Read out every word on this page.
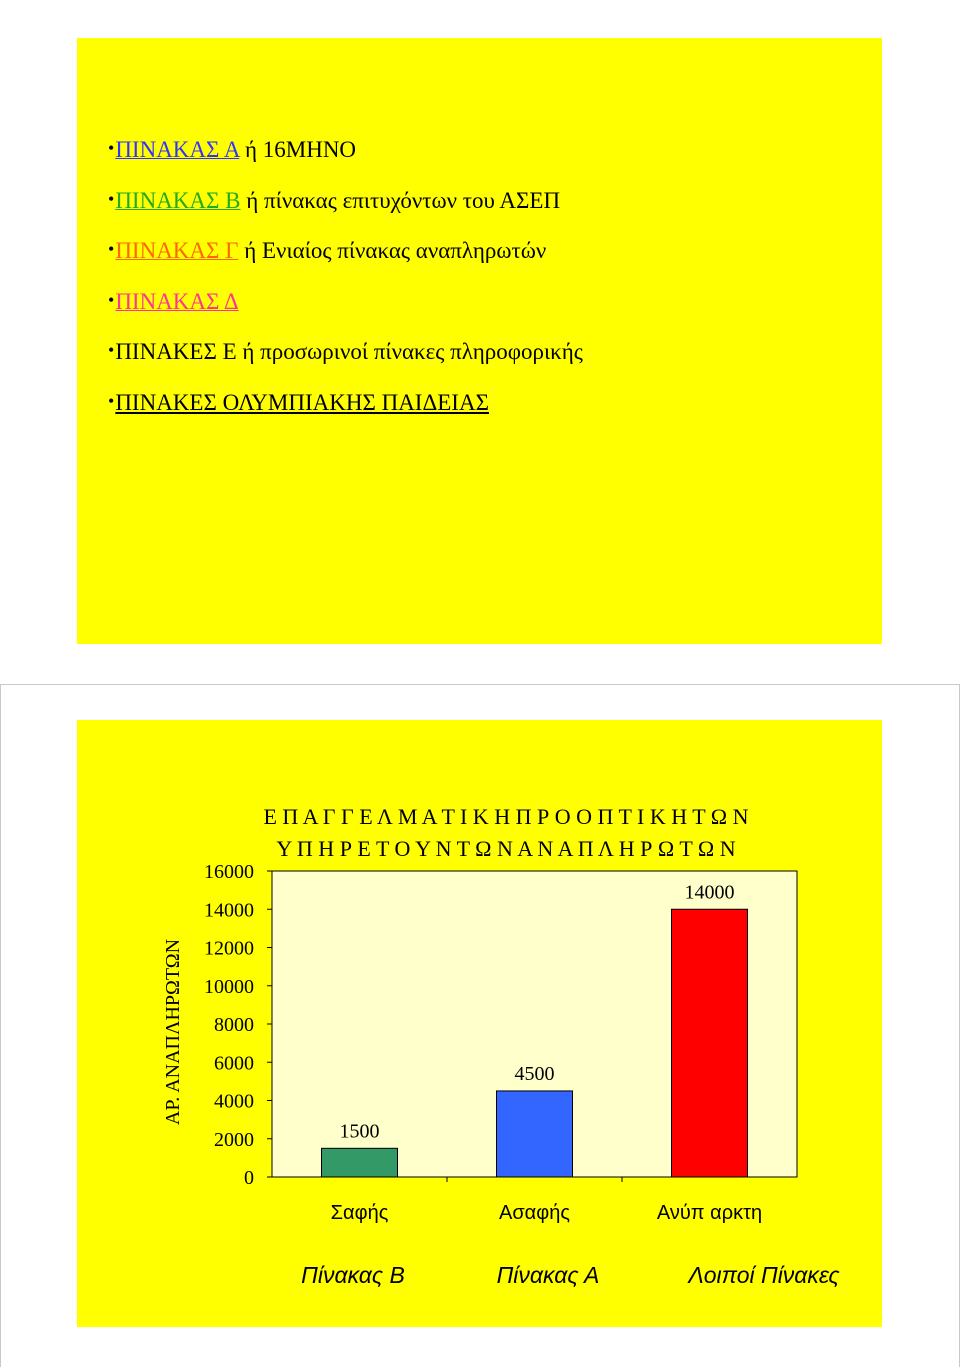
•ΠΙΝΑΚΑΣ Α ή 16ΜΗΝΟ
•ΠΙΝΑΚΑΣ Β ή πίνακας επιτυχόντων του ΑΣΕΠ
•ΠΙΝΑΚΑΣ Γ ή Ενιαίος πίνακας αναπληρωτών
•ΠΙΝΑΚΑΣ Δ
•ΠΙΝΑΚΕΣ Ε ή προσωρινοί πίνακες πληροφορικής
•ΠΙΝΑΚΕΣ ΟΛΥΜΠΙΑΚΗΣ ΠΑΙΔΕΙΑΣ
Ε Π Α Γ Γ Ε Λ Μ Α Τ Ι Κ Η Π Ρ Ο Ο Π Τ Ι Κ Η Τ Ω Ν
Υ Π Η Ρ Ε Τ Ο Υ Ν Τ Ω Ν Α Ν Α Π Λ Η Ρ Ω Τ Ω Ν
0
2000
4000
6000
8000
10000
12000
14000
16000
1500
4500
14000
Σαφής	Ασαφής	Ανύπ αρκτη
Πίνακας Β	Πίνακας Α	Λοιποί Πίνακες
ΑΡ. ΑΝΑΠΛΗΡΩΤΩΝ
